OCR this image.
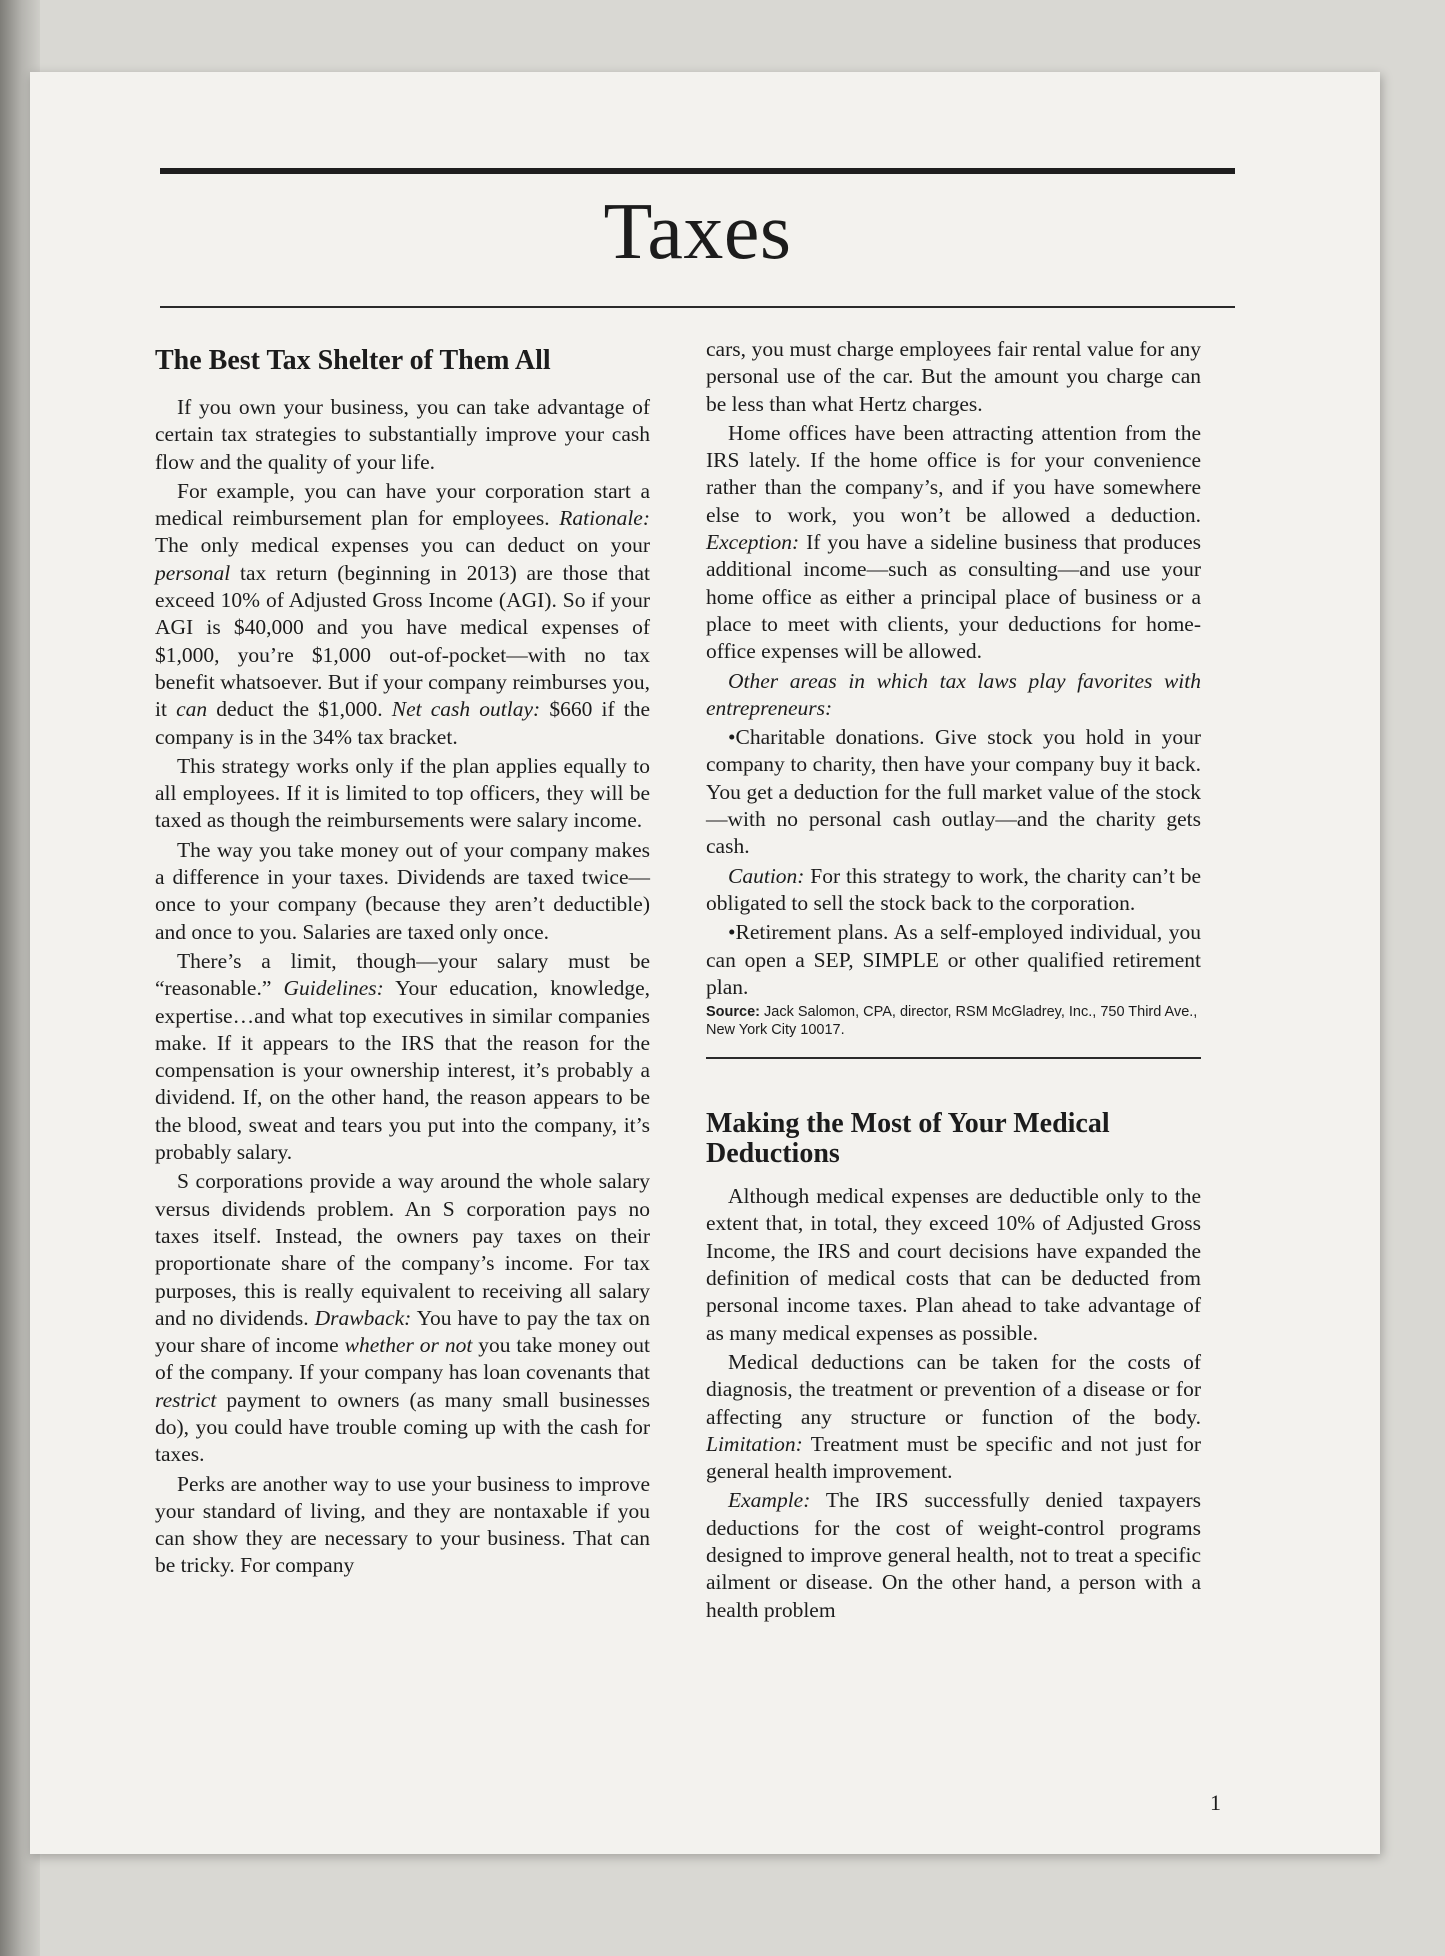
Taxes
The Best Tax Shelter of Them All

If you own your business, you can take advantage of certain tax strategies to substantially improve your cash flow and the quality of your life.

For example, you can have your corporation start a medical reimbursement plan for employees. Rationale: The only medical expenses you can deduct on your personal tax return (beginning in 2013) are those that exceed 10% of Adjusted Gross Income (AGI). So if your AGI is $40,000 and you have medical expenses of $1,000, you’re $1,000 out-of-pocket—with no tax benefit whatsoever. But if your company reimburses you, it can deduct the $1,000. Net cash outlay: $660 if the company is in the 34% tax bracket.

This strategy works only if the plan applies equally to all employees. If it is limited to top officers, they will be taxed as though the reimbursements were salary income.

The way you take money out of your company makes a difference in your taxes. Dividends are taxed twice—once to your company (because they aren’t deductible) and once to you. Salaries are taxed only once.

There’s a limit, though—your salary must be “reasonable.” Guidelines: Your education, knowledge, expertise…and what top executives in similar companies make. If it appears to the IRS that the reason for the compensation is your ownership interest, it’s probably a dividend. If, on the other hand, the reason appears to be the blood, sweat and tears you put into the company, it’s probably salary.

S corporations provide a way around the whole salary versus dividends problem. An S corporation pays no taxes itself. Instead, the owners pay taxes on their proportionate share of the company’s income. For tax purposes, this is really equivalent to receiving all salary and no dividends. Drawback: You have to pay the tax on your share of income whether or not you take money out of the company. If your company has loan covenants that restrict payment to owners (as many small businesses do), you could have trouble coming up with the cash for taxes.

Perks are another way to use your business to improve your standard of living, and they are nontaxable if you can show they are necessary to your business. That can be tricky. For company

cars, you must charge employees fair rental value for any personal use of the car. But the amount you charge can be less than what Hertz charges.

Home offices have been attracting attention from the IRS lately. If the home office is for your convenience rather than the company’s, and if you have somewhere else to work, you won’t be allowed a deduction. Exception: If you have a sideline business that produces additional income—such as consulting—and use your home office as either a principal place of business or a place to meet with clients, your deductions for home-office expenses will be allowed.

Other areas in which tax laws play favorites with entrepreneurs:

•Charitable donations. Give stock you hold in your company to charity, then have your company buy it back. You get a deduction for the full market value of the stock—with no personal cash outlay—and the charity gets cash.

Caution: For this strategy to work, the charity can’t be obligated to sell the stock back to the corporation.

•Retirement plans. As a self-employed individual, you can open a SEP, SIMPLE or other qualified retirement plan.

Source: Jack Salomon, CPA, director, RSM McGladrey, Inc., 750 Third Ave., New York City 10017.

Making the Most of Your Medical Deductions

Although medical expenses are deductible only to the extent that, in total, they exceed 10% of Adjusted Gross Income, the IRS and court decisions have expanded the definition of medical costs that can be deducted from personal income taxes. Plan ahead to take advantage of as many medical expenses as possible.

Medical deductions can be taken for the costs of diagnosis, the treatment or prevention of a disease or for affecting any structure or function of the body. Limitation: Treatment must be specific and not just for general health improvement.

Example: The IRS successfully denied taxpayers deductions for the cost of weight-control programs designed to improve general health, not to treat a specific ailment or disease. On the other hand, a person with a health problem

1
